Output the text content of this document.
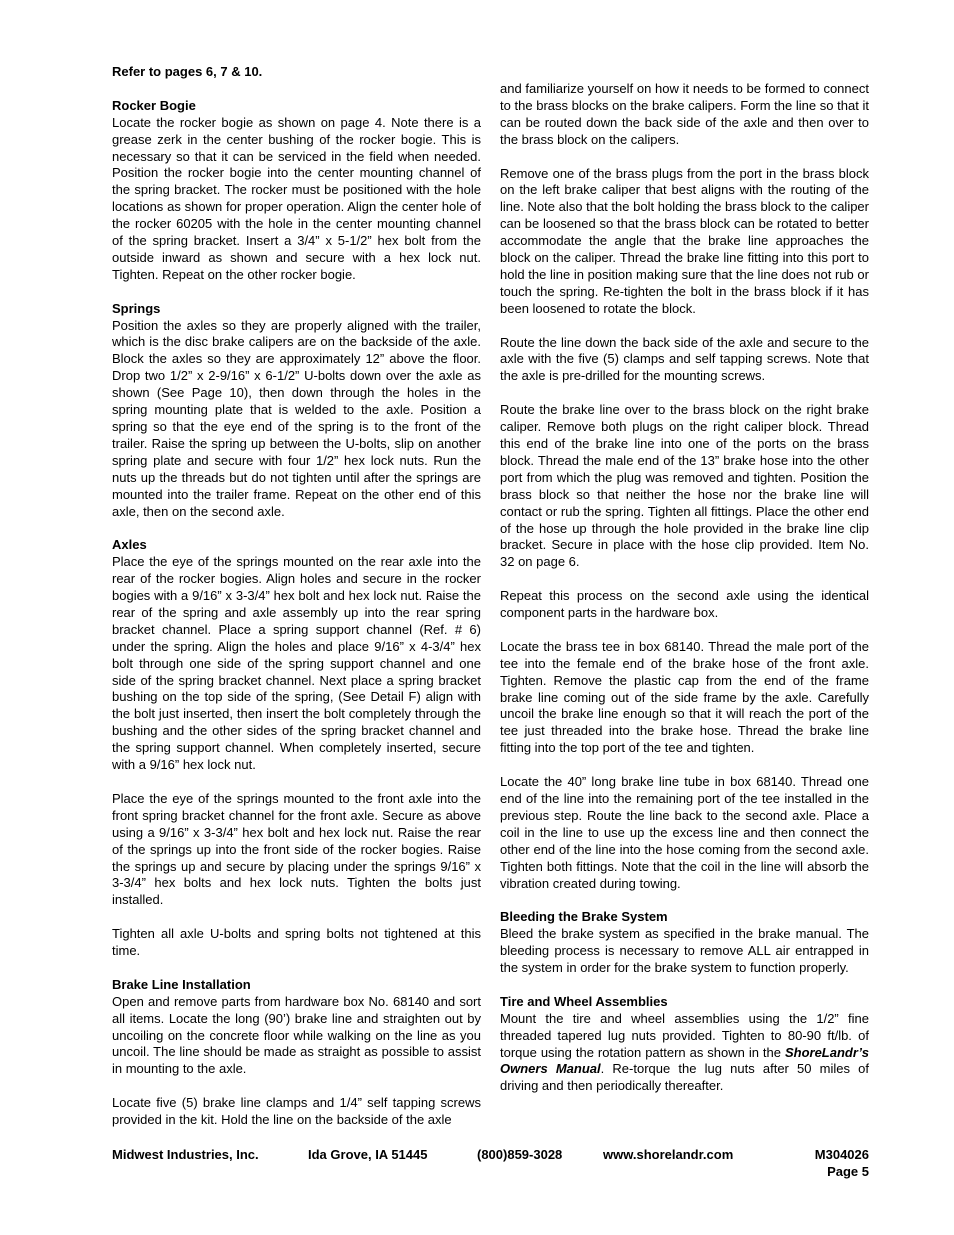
Refer to pages 6, 7 & 10.
Rocker Bogie

Locate the rocker bogie as shown on page 4. Note there is a grease zerk in the center bushing of the rocker bogie. This is necessary so that it can be serviced in the field when needed. Position the rocker bogie into the center mounting channel of the spring bracket. The rocker must be positioned with the hole locations as shown for proper operation. Align the center hole of the rocker 60205 with the hole in the center mounting channel of the spring bracket. Insert a 3/4” x 5-1/2” hex bolt from the outside inward as shown and secure with a hex lock nut. Tighten. Repeat on the other rocker bogie.

Springs

Position the axles so they are properly aligned with the trailer, which is the disc brake calipers are on the backside of the axle. Block the axles so they are approximately 12” above the floor. Drop two 1/2” x 2-9/16” x 6-1/2” U-bolts down over the axle as shown (See Page 10), then down through the holes in the spring mounting plate that is welded to the axle. Position a spring so that the eye end of the spring is to the front of the trailer. Raise the spring up between the U-bolts, slip on another spring plate and secure with four 1/2” hex lock nuts. Run the nuts up the threads but do not tighten until after the springs are mounted into the trailer frame. Repeat on the other end of this axle, then on the second axle.

Axles

Place the eye of the springs mounted on the rear axle into the rear of the rocker bogies. Align holes and secure in the rocker bogies with a 9/16” x 3-3/4” hex bolt and hex lock nut. Raise the rear of the spring and axle assembly up into the rear spring bracket channel. Place a spring support channel (Ref. # 6) under the spring. Align the holes and place 9/16” x 4-3/4” hex bolt through one side of the spring support channel and one side of the spring bracket channel. Next place a spring bracket bushing on the top side of the spring, (See Detail F) align with the bolt just inserted, then insert the bolt completely through the bushing and the other sides of the spring bracket channel and the spring support channel. When completely inserted, secure with a 9/16” hex lock nut.

Place the eye of the springs mounted to the front axle into the front spring bracket channel for the front axle. Secure as above using a 9/16” x 3-3/4” hex bolt and hex lock nut. Raise the rear of the springs up into the front side of the rocker bogies. Raise the springs up and secure by placing under the springs 9/16” x 3-3/4” hex bolts and hex lock nuts. Tighten the bolts just installed.

Tighten all axle U-bolts and spring bolts not tightened at this time.

Brake Line Installation

Open and remove parts from hardware box No. 68140 and sort all items. Locate the long (90’) brake line and straighten out by uncoiling on the concrete floor while walking on the line as you uncoil. The line should be made as straight as possible to assist in mounting to the axle.

Locate five (5) brake line clamps and 1/4” self tapping screws provided in the kit. Hold the line on the backside of the axle

and familiarize yourself on how it needs to be formed to connect to the brass blocks on the brake calipers. Form the line so that it can be routed down the back side of the axle and then over to the brass block on the calipers.

Remove one of the brass plugs from the port in the brass block on the left brake caliper that best aligns with the routing of the line. Note also that the bolt holding the brass block to the caliper can be loosened so that the brass block can be rotated to better accommodate the angle that the brake line approaches the block on the caliper. Thread the brake line fitting into this port to hold the line in position making sure that the line does not rub or touch the spring. Re-tighten the bolt in the brass block if it has been loosened to rotate the block.

Route the line down the back side of the axle and secure to the axle with the five (5) clamps and self tapping screws. Note that the axle is pre-drilled for the mounting screws.

Route the brake line over to the brass block on the right brake caliper. Remove both plugs on the right caliper block. Thread this end of the brake line into one of the ports on the brass block. Thread the male end of the 13” brake hose into the other port from which the plug was removed and tighten. Position the brass block so that neither the hose nor the brake line will contact or rub the spring. Tighten all fittings. Place the other end of the hose up through the hole provided in the brake line clip bracket. Secure in place with the hose clip provided. Item No. 32 on page 6.

Repeat this process on the second axle using the identical component parts in the hardware box.

Locate the brass tee in box 68140. Thread the male port of the tee into the female end of the brake hose of the front axle. Tighten. Remove the plastic cap from the end of the frame brake line coming out of the side frame by the axle. Carefully uncoil the brake line enough so that it will reach the port of the tee just threaded into the brake hose. Thread the brake line fitting into the top port of the tee and tighten.

Locate the 40” long brake line tube in box 68140. Thread one end of the line into the remaining port of the tee installed in the previous step. Route the line back to the second axle. Place a coil in the line to use up the excess line and then connect the other end of the line into the hose coming from the second axle. Tighten both fittings. Note that the coil in the line will absorb the vibration created during towing.

Bleeding the Brake System

Bleed the brake system as specified in the brake manual. The bleeding process is necessary to remove ALL air entrapped in the system in order for the brake system to function properly.

Tire and Wheel Assemblies

Mount the tire and wheel assemblies using the 1/2” fine threaded tapered lug nuts provided. Tighten to 80-90 ft/lb. of torque using the rotation pattern as shown in the ShoreLandr’s Owners Manual. Re-torque the lug nuts after 50 miles of driving and then periodically thereafter.

Midwest Industries, Inc.	Ida Grove, IA 51445	(800)859-3028	www.shorelandr.com	M304026
Page 5
